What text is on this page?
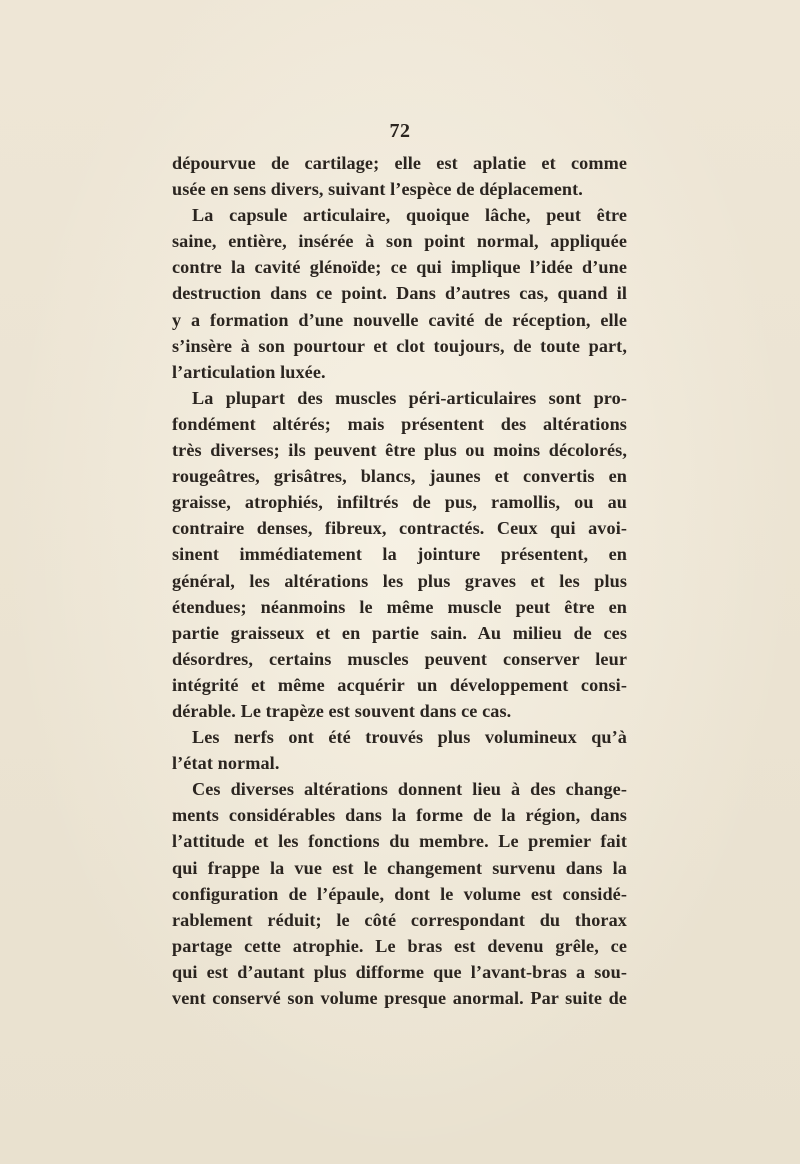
72
dépourvue de cartilage; elle est aplatie et comme
usée en sens divers, suivant l’espèce de déplacement.
La capsule articulaire, quoique lâche, peut être
saine, entière, insérée à son point normal, appliquée
contre la cavité glénoïde; ce qui implique l’idée d’une
destruction dans ce point. Dans d’autres cas, quand il
y a formation d’une nouvelle cavité de réception, elle
s’insère à son pourtour et clot toujours, de toute part,
l’articulation luxée.
La plupart des muscles péri-articulaires sont pro-
fondément altérés; mais présentent des altérations
très diverses; ils peuvent être plus ou moins décolorés,
rougeâtres, grisâtres, blancs, jaunes et convertis en
graisse, atrophiés, infiltrés de pus, ramollis, ou au
contraire denses, fibreux, contractés. Ceux qui avoi-
sinent immédiatement la jointure présentent, en
général, les altérations les plus graves et les plus
étendues; néanmoins le même muscle peut être en
partie graisseux et en partie sain. Au milieu de ces
désordres, certains muscles peuvent conserver leur
intégrité et même acquérir un développement consi-
dérable. Le trapèze est souvent dans ce cas.
Les nerfs ont été trouvés plus volumineux qu’à
l’état normal.
Ces diverses altérations donnent lieu à des change-
ments considérables dans la forme de la région, dans
l’attitude et les fonctions du membre. Le premier fait
qui frappe la vue est le changement survenu dans la
configuration de l’épaule, dont le volume est considé-
rablement réduit; le côté correspondant du thorax
partage cette atrophie. Le bras est devenu grêle, ce
qui est d’autant plus difforme que l’avant-bras a sou-
vent conservé son volume presque anormal. Par suite de
